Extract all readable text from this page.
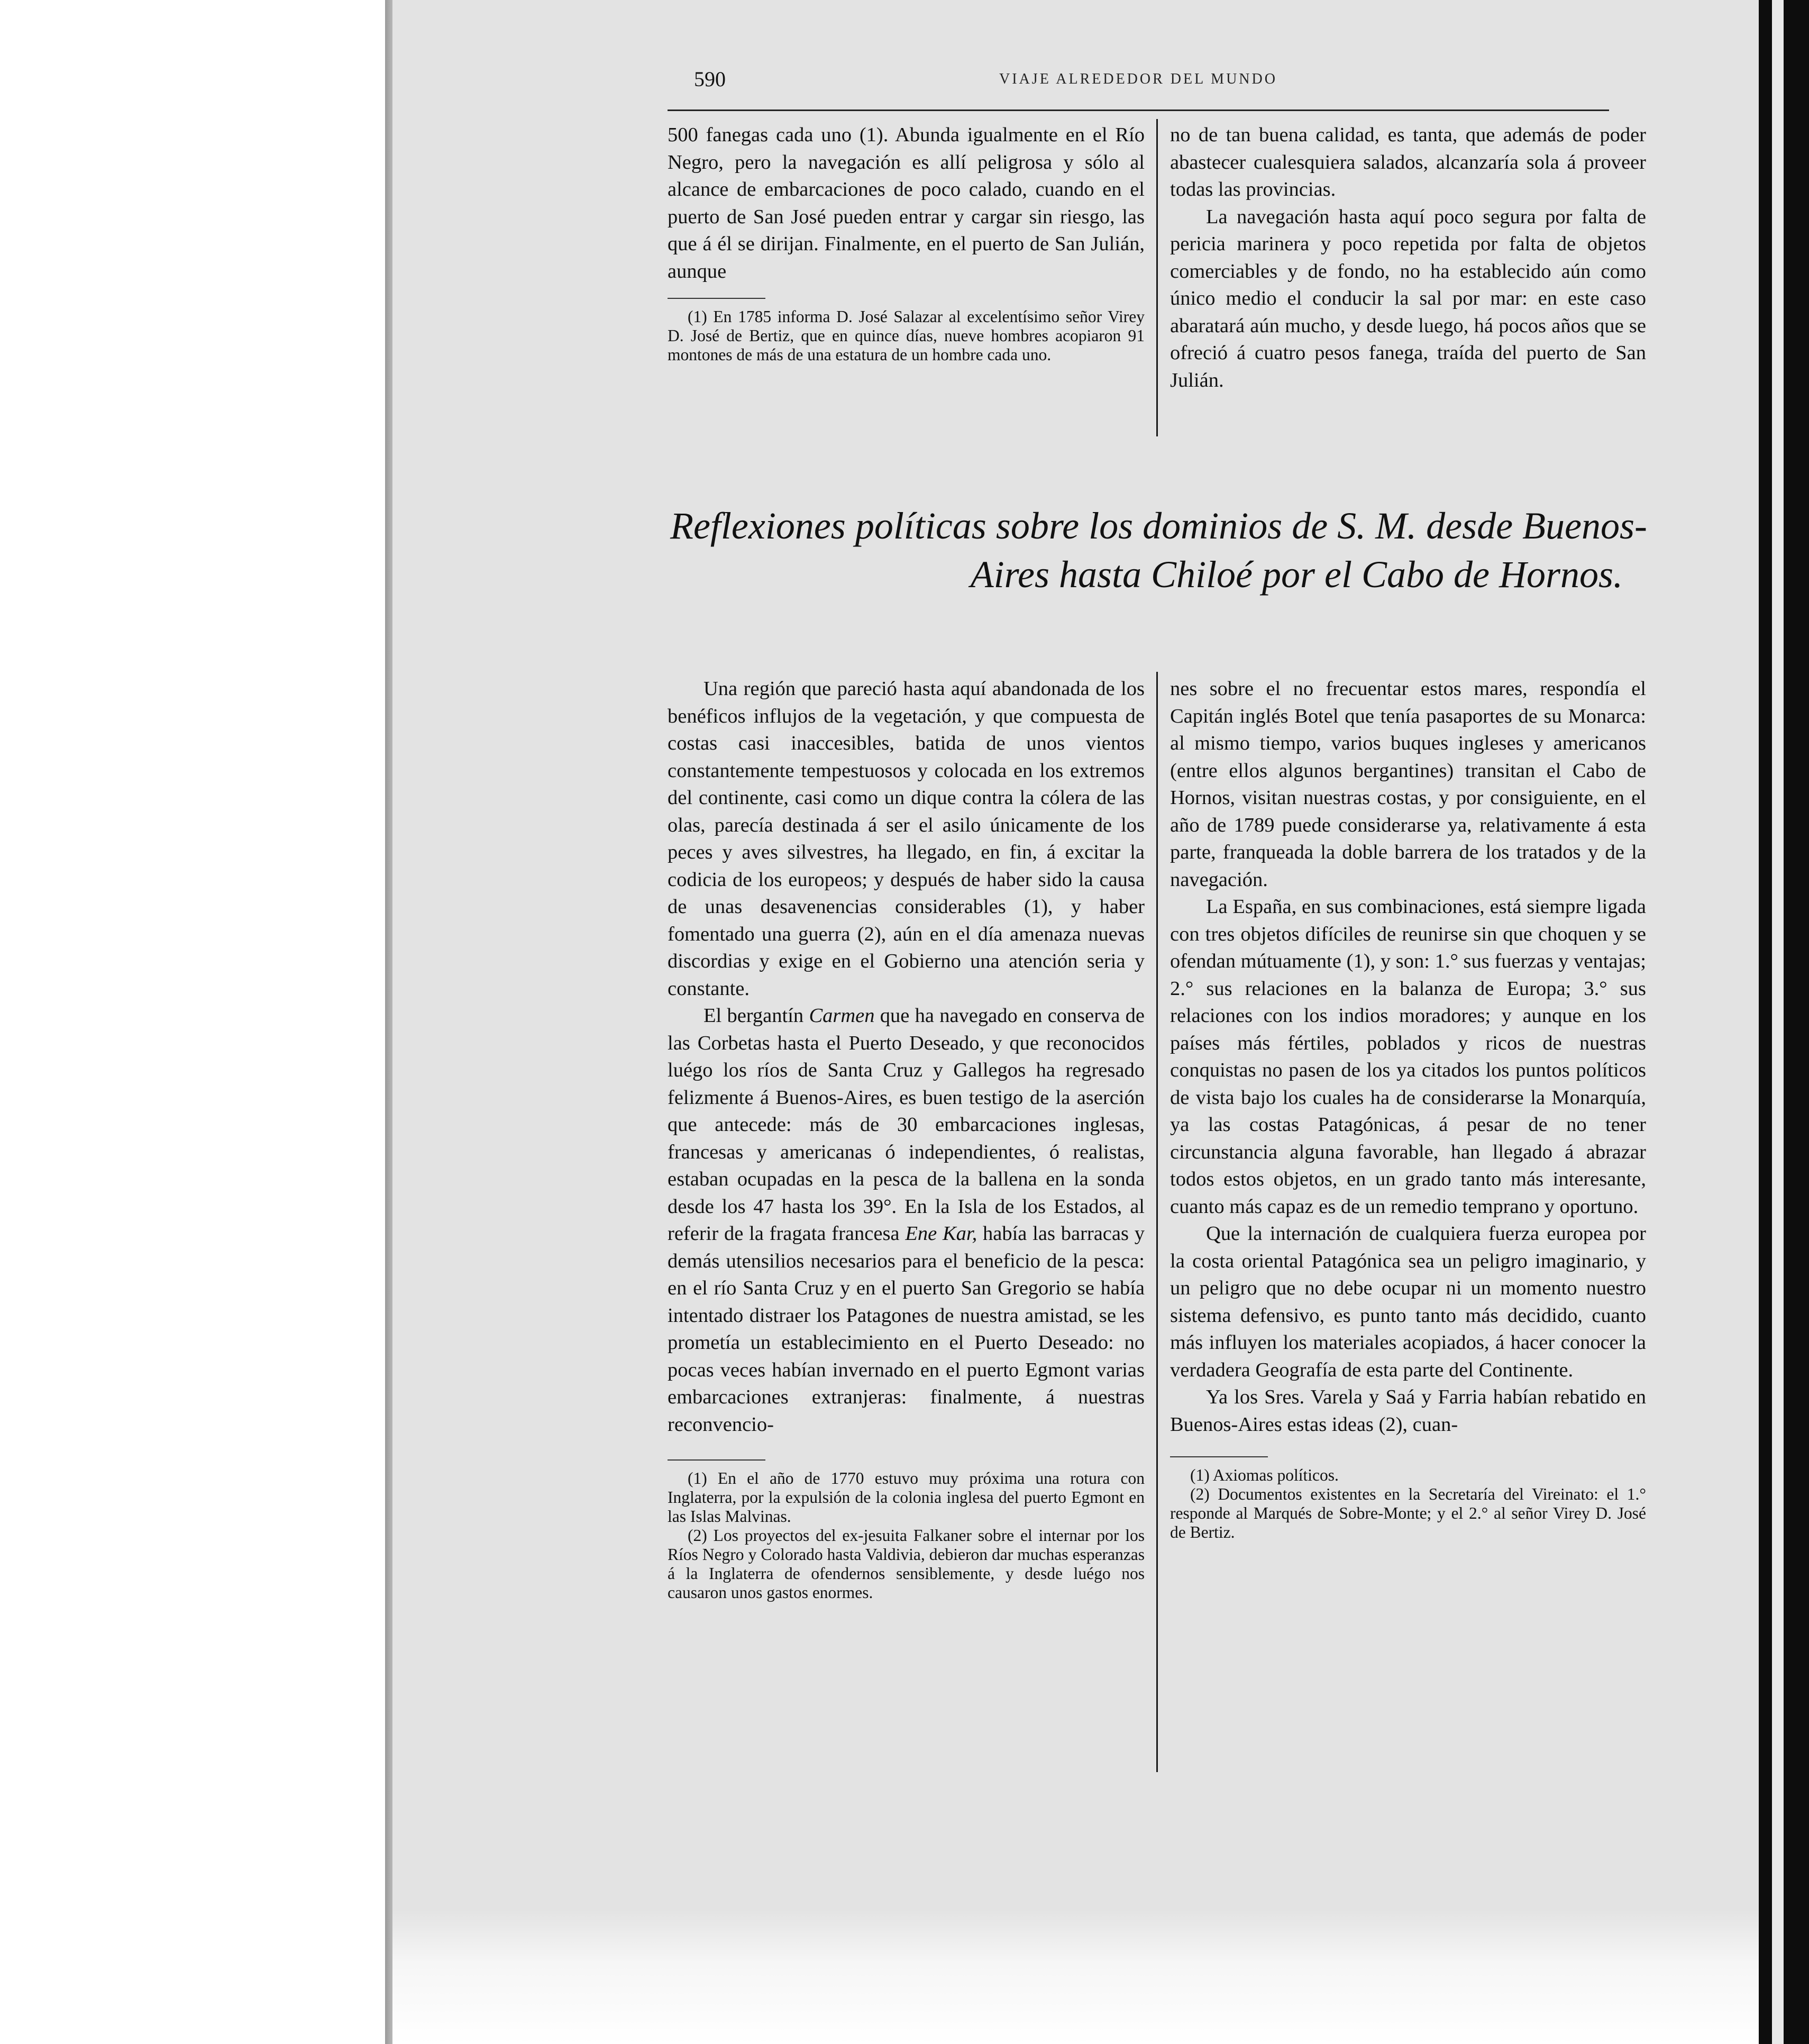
590	VIAJE ALREDEDOR DEL MUNDO

500 fanegas cada uno (1). Abunda igualmente en el Río Negro, pero la navegación es allí peligrosa y sólo al alcance de embarcaciones de poco calado, cuando en el puerto de San José pueden entrar y cargar sin riesgo, las que á él se dirijan. Finalmente, en el puerto de San Julián, aunque

(1) En 1785 informa D. José Salazar al excelentísimo señor Virey D. José de Bertiz, que en quince días, nueve hombres acopiaron 91 montones de más de una estatura de un hombre cada uno.

no de tan buena calidad, es tanta, que además de poder abastecer cualesquiera salados, alcanzaría sola á proveer todas las provincias.

La navegación hasta aquí poco segura por falta de pericia marinera y poco repetida por falta de objetos comerciables y de fondo, no ha establecido aún como único medio el conducir la sal por mar: en este caso abaratará aún mucho, y desde luego, há pocos años que se ofreció á cuatro pesos fanega, traída del puerto de San Julián.

Reflexiones políticas sobre los dominios de S. M. desde Buenos-
Aires hasta Chiloé por el Cabo de Hornos.

Una región que pareció hasta aquí abandonada de los benéficos influjos de la vegetación, y que compuesta de costas casi inaccesibles, batida de unos vientos constantemente tempestuosos y colocada en los extremos del continente, casi como un dique contra la cólera de las olas, parecía destinada á ser el asilo únicamente de los peces y aves silvestres, ha llegado, en fin, á excitar la codicia de los europeos; y después de haber sido la causa de unas desavenencias considerables (1), y haber fomentado una guerra (2), aún en el día amenaza nuevas discordias y exige en el Gobierno una atención seria y constante.

El bergantín Carmen que ha navegado en conserva de las Corbetas hasta el Puerto Deseado, y que reconocidos luégo los ríos de Santa Cruz y Gallegos ha regresado felizmente á Buenos-Aires, es buen testigo de la aserción que antecede: más de 30 embarcaciones inglesas, francesas y americanas ó independientes, ó realistas, estaban ocupadas en la pesca de la ballena en la sonda desde los 47 hasta los 39°. En la Isla de los Estados, al referir de la fragata francesa Ene Kar, había las barracas y demás utensilios necesarios para el beneficio de la pesca: en el río Santa Cruz y en el puerto San Gregorio se había intentado distraer los Patagones de nuestra amistad, se les prometía un establecimiento en el Puerto Deseado: no pocas veces habían invernado en el puerto Egmont varias embarcaciones extranjeras: finalmente, á nuestras reconvencio-

(1) En el año de 1770 estuvo muy próxima una rotura con Inglaterra, por la expulsión de la colonia inglesa del puerto Egmont en las Islas Malvinas.

(2) Los proyectos del ex-jesuita Falkaner sobre el internar por los Ríos Negro y Colorado hasta Valdivia, debieron dar muchas esperanzas á la Inglaterra de ofendernos sensiblemente, y desde luégo nos causaron unos gastos enormes.

nes sobre el no frecuentar estos mares, respondía el Capitán inglés Botel que tenía pasaportes de su Monarca: al mismo tiempo, varios buques ingleses y americanos (entre ellos algunos bergantines) transitan el Cabo de Hornos, visitan nuestras costas, y por consiguiente, en el año de 1789 puede considerarse ya, relativamente á esta parte, franqueada la doble barrera de los tratados y de la navegación.

La España, en sus combinaciones, está siempre ligada con tres objetos difíciles de reunirse sin que choquen y se ofendan mútuamente (1), y son: 1.° sus fuerzas y ventajas; 2.° sus relaciones en la balanza de Europa; 3.° sus relaciones con los indios moradores; y aunque en los países más fértiles, poblados y ricos de nuestras conquistas no pasen de los ya citados los puntos políticos de vista bajo los cuales ha de considerarse la Monarquía, ya las costas Patagónicas, á pesar de no tener circunstancia alguna favorable, han llegado á abrazar todos estos objetos, en un grado tanto más interesante, cuanto más capaz es de un remedio temprano y oportuno.

Que la internación de cualquiera fuerza europea por la costa oriental Patagónica sea un peligro imaginario, y un peligro que no debe ocupar ni un momento nuestro sistema defensivo, es punto tanto más decidido, cuanto más influyen los materiales acopiados, á hacer conocer la verdadera Geografía de esta parte del Continente.

Ya los Sres. Varela y Saá y Farria habían rebatido en Buenos-Aires estas ideas (2), cuan-

(1) Axiomas políticos.

(2) Documentos existentes en la Secretaría del Vireinato: el 1.° responde al Marqués de Sobre-Monte; y el 2.° al señor Virey D. José de Bertiz.
